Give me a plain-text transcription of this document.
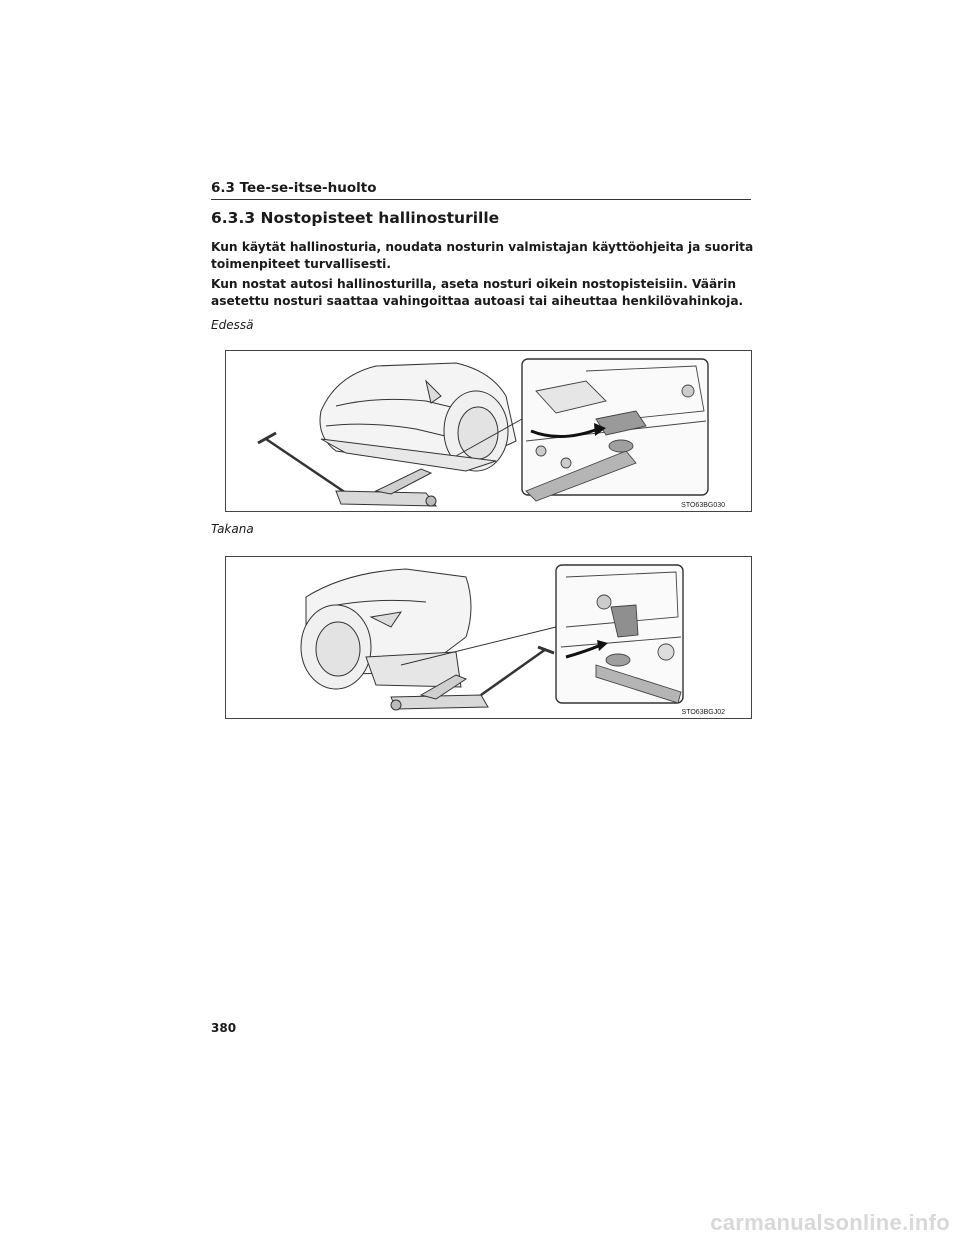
6.3 Tee-se-itse-huolto
6.3.3 Nostopisteet hallinosturille
Kun käytät hallinosturia, noudata nosturin valmistajan käyttöohjeita ja suorita toimenpiteet turvallisesti.
Kun nostat autosi hallinosturilla, aseta nosturi oikein nostopisteisiin. Väärin asetettu nosturi saattaa vahingoittaa autoasi tai aiheuttaa henkilövahinkoja.
Edessä
STO63BG030
Takana
STO63BGJ02
380
carmanualsonline.info
